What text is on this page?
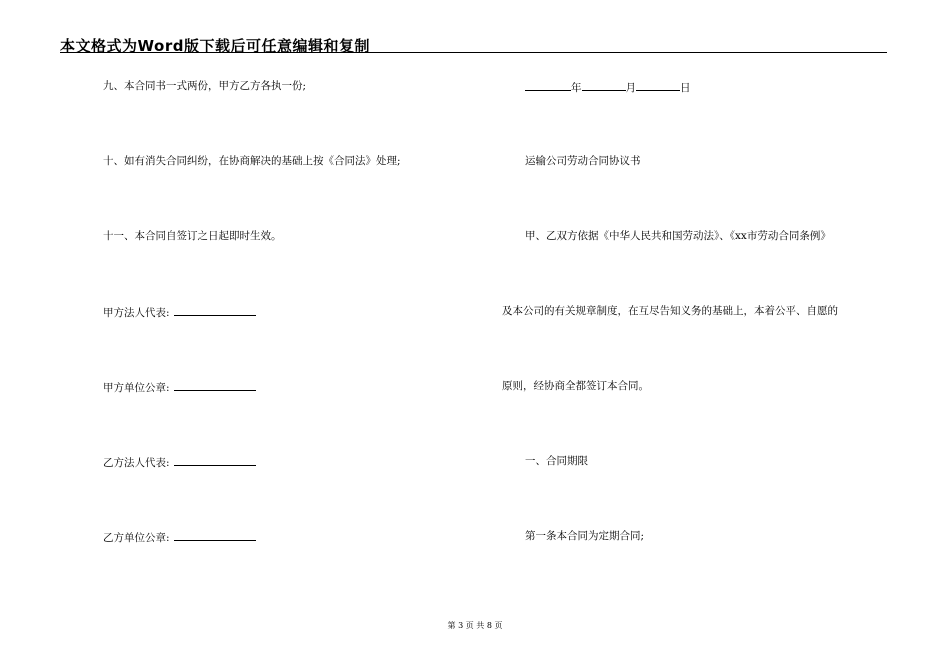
本文格式为Word版下载后可任意编辑和复制
九、本合同书一式两份，甲方乙方各执一份;
十、如有消失合同纠纷，在协商解决的基础上按《合同法》处理;
十一、本合同自签订之日起即时生效。
甲方法人代表:
甲方单位公章:
乙方法人代表:
乙方单位公章:
年	月	日
运输公司劳动合同协议书
甲、乙双方依据《中华人民共和国劳动法》、《xx市劳动合同条例》
及本公司的有关规章制度，在互尽告知义务的基础上，本着公平、自愿的
原则，经协商全都签订本合同。
一、合同期限
第一条本合同为定期合同;
第 3 页 共 8 页
